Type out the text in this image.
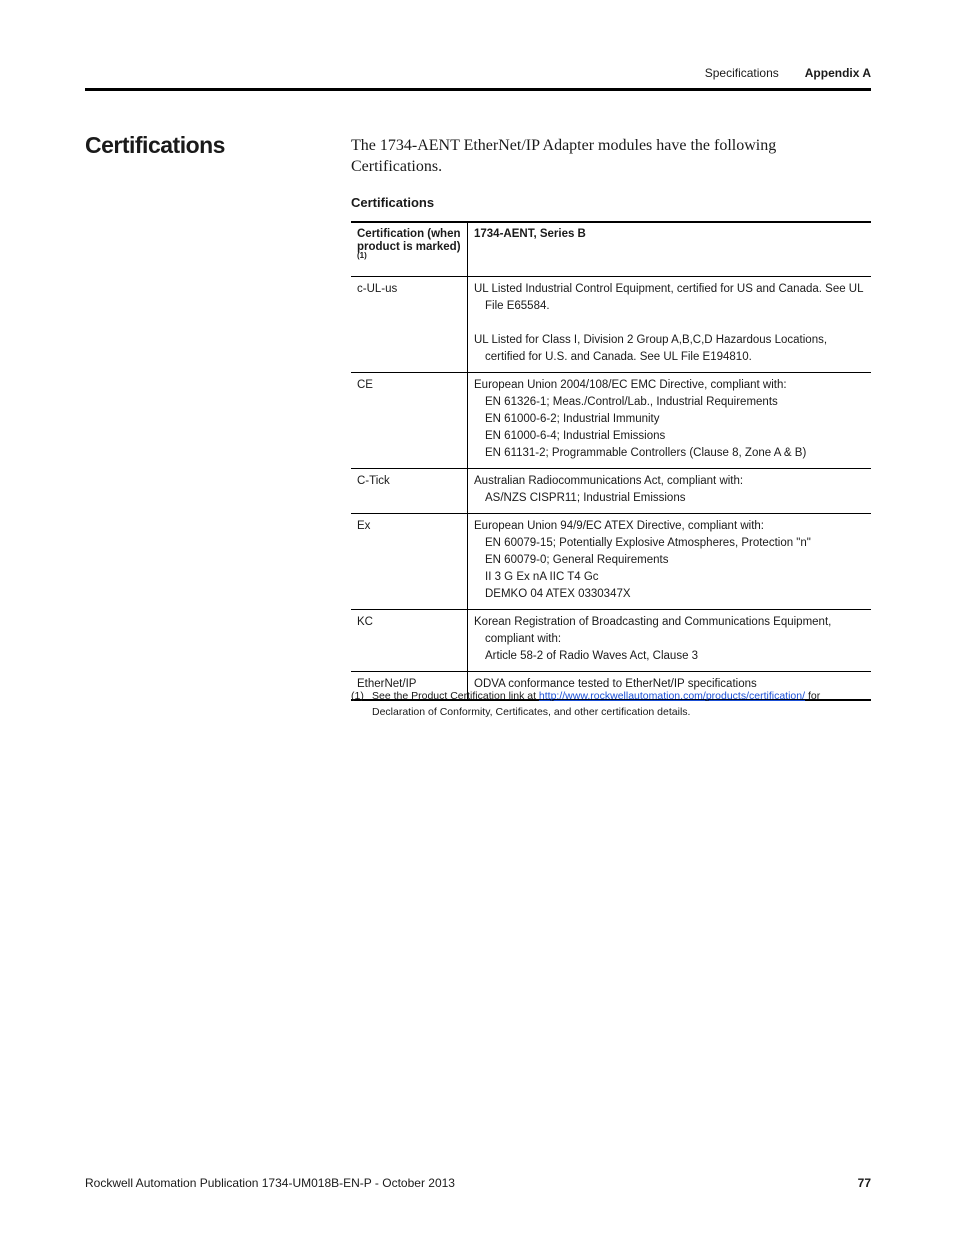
Specifications Appendix A
Certifications	The 1734-AENT EtherNet/IP Adapter modules have the following Certifications.
Certifications
Certification (when product is marked)$^{(1)}$	1734-AENT, Series B
c-UL-us	UL Listed Industrial Control Equipment, certified for US and Canada. See UL File E65584.
UL Listed for Class I, Division 2 Group A,B,C,D Hazardous Locations, certified for U.S. and Canada. See UL File E194810.

CE	European Union 2004/108/EC EMC Directive, compliant with:
EN 61326-1; Meas./Control/Lab., Industrial Requirements
EN 61000-6-2; Industrial Immunity
EN 61000-6-4; Industrial Emissions
EN 61131-2; Programmable Controllers (Clause 8, Zone A & B)

C-Tick	Australian Radiocommunications Act, compliant with:
AS/NZS CISPR11; Industrial Emissions

Ex	European Union 94/9/EC ATEX Directive, compliant with:
EN 60079-15; Potentially Explosive Atmospheres, Protection "n"
EN 60079-0; General Requirements
II 3 G Ex nA IIC T4 Gc
DEMKO 04 ATEX 0330347X

KC	Korean Registration of Broadcasting and Communications Equipment, compliant with:
Article 58-2 of Radio Waves Act, Clause 3

EtherNet/IP	ODVA conformance tested to EtherNet/IP specifications
(1) See the Product Certification link at http://www.rockwellautomation.com/products/certification/ for Declaration of Conformity, Certificates, and other certification details.
Rockwell Automation Publication 1734-UM018B-EN-P - October 2013	77
